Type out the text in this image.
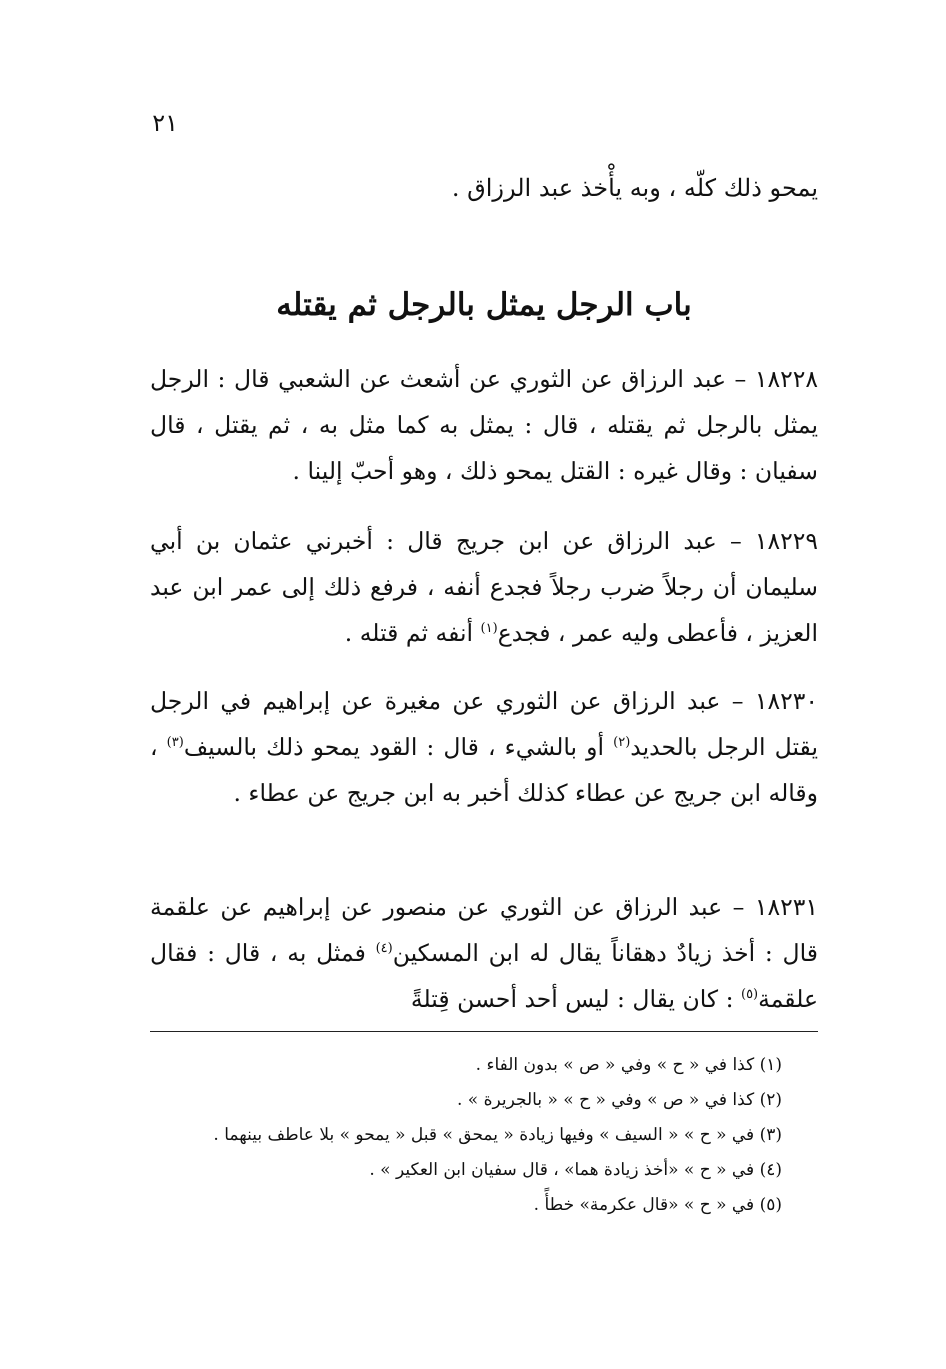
٢١
يمحو ذلك كلّه ، وبه يأْخذ عبد الرزاق .
باب الرجل يمثل بالرجل ثم يقتله
١٨٢٢٨ – عبد الرزاق عن الثوري عن أشعث عن الشعبي قال : الرجل يمثل بالرجل ثم يقتله ، قال : يمثل به كما مثل به ، ثم يقتل ، قال سفيان : وقال غيره : القتل يمحو ذلك ، وهو أحبّ إلينا .
١٨٢٢٩ – عبد الرزاق عن ابن جريج قال : أخبرني عثمان بن أبي سليمان أن رجلاً ضرب رجلاً فجدع أنفه ، فرفع ذلك إلى عمر ابن عبد العزيز ، فأعطى وليه عمر ، فجدع$^{(١)}$ أنفه ثم قتله .
١٨٢٣٠ – عبد الرزاق عن الثوري عن مغيرة عن إبراهيم في الرجل يقتل الرجل بالحديد$^{(٢)}$ أو بالشيء ، قال : القود يمحو ذلك بالسيف$^{(٣)}$ ، وقاله ابن جريج عن عطاء كذلك أخبر به ابن جريج عن عطاء .
١٨٢٣١ – عبد الرزاق عن الثوري عن منصور عن إبراهيم عن علقمة قال : أخذ زيادٌ دهقاناً يقال له ابن المسكين$^{(٤)}$ فمثل به ، قال : فقال علقمة$^{(٥)}$ : كان يقال : ليس أحد أحسن قِتلةً
(١) كذا في « ح » وفي « ص » بدون الفاء .
(٢) كذا في « ص » وفي « ح » « بالجريرة » .
(٣) في « ح » « السيف » وفيها زيادة « يمحق » قبل « يمحو » بلا عاطف بينهما .
(٤) في « ح » «أخذ زيادة هما» ، قال سفيان ابن العكير » .
(٥) في « ح » «قال عكرمة» خطأً .
